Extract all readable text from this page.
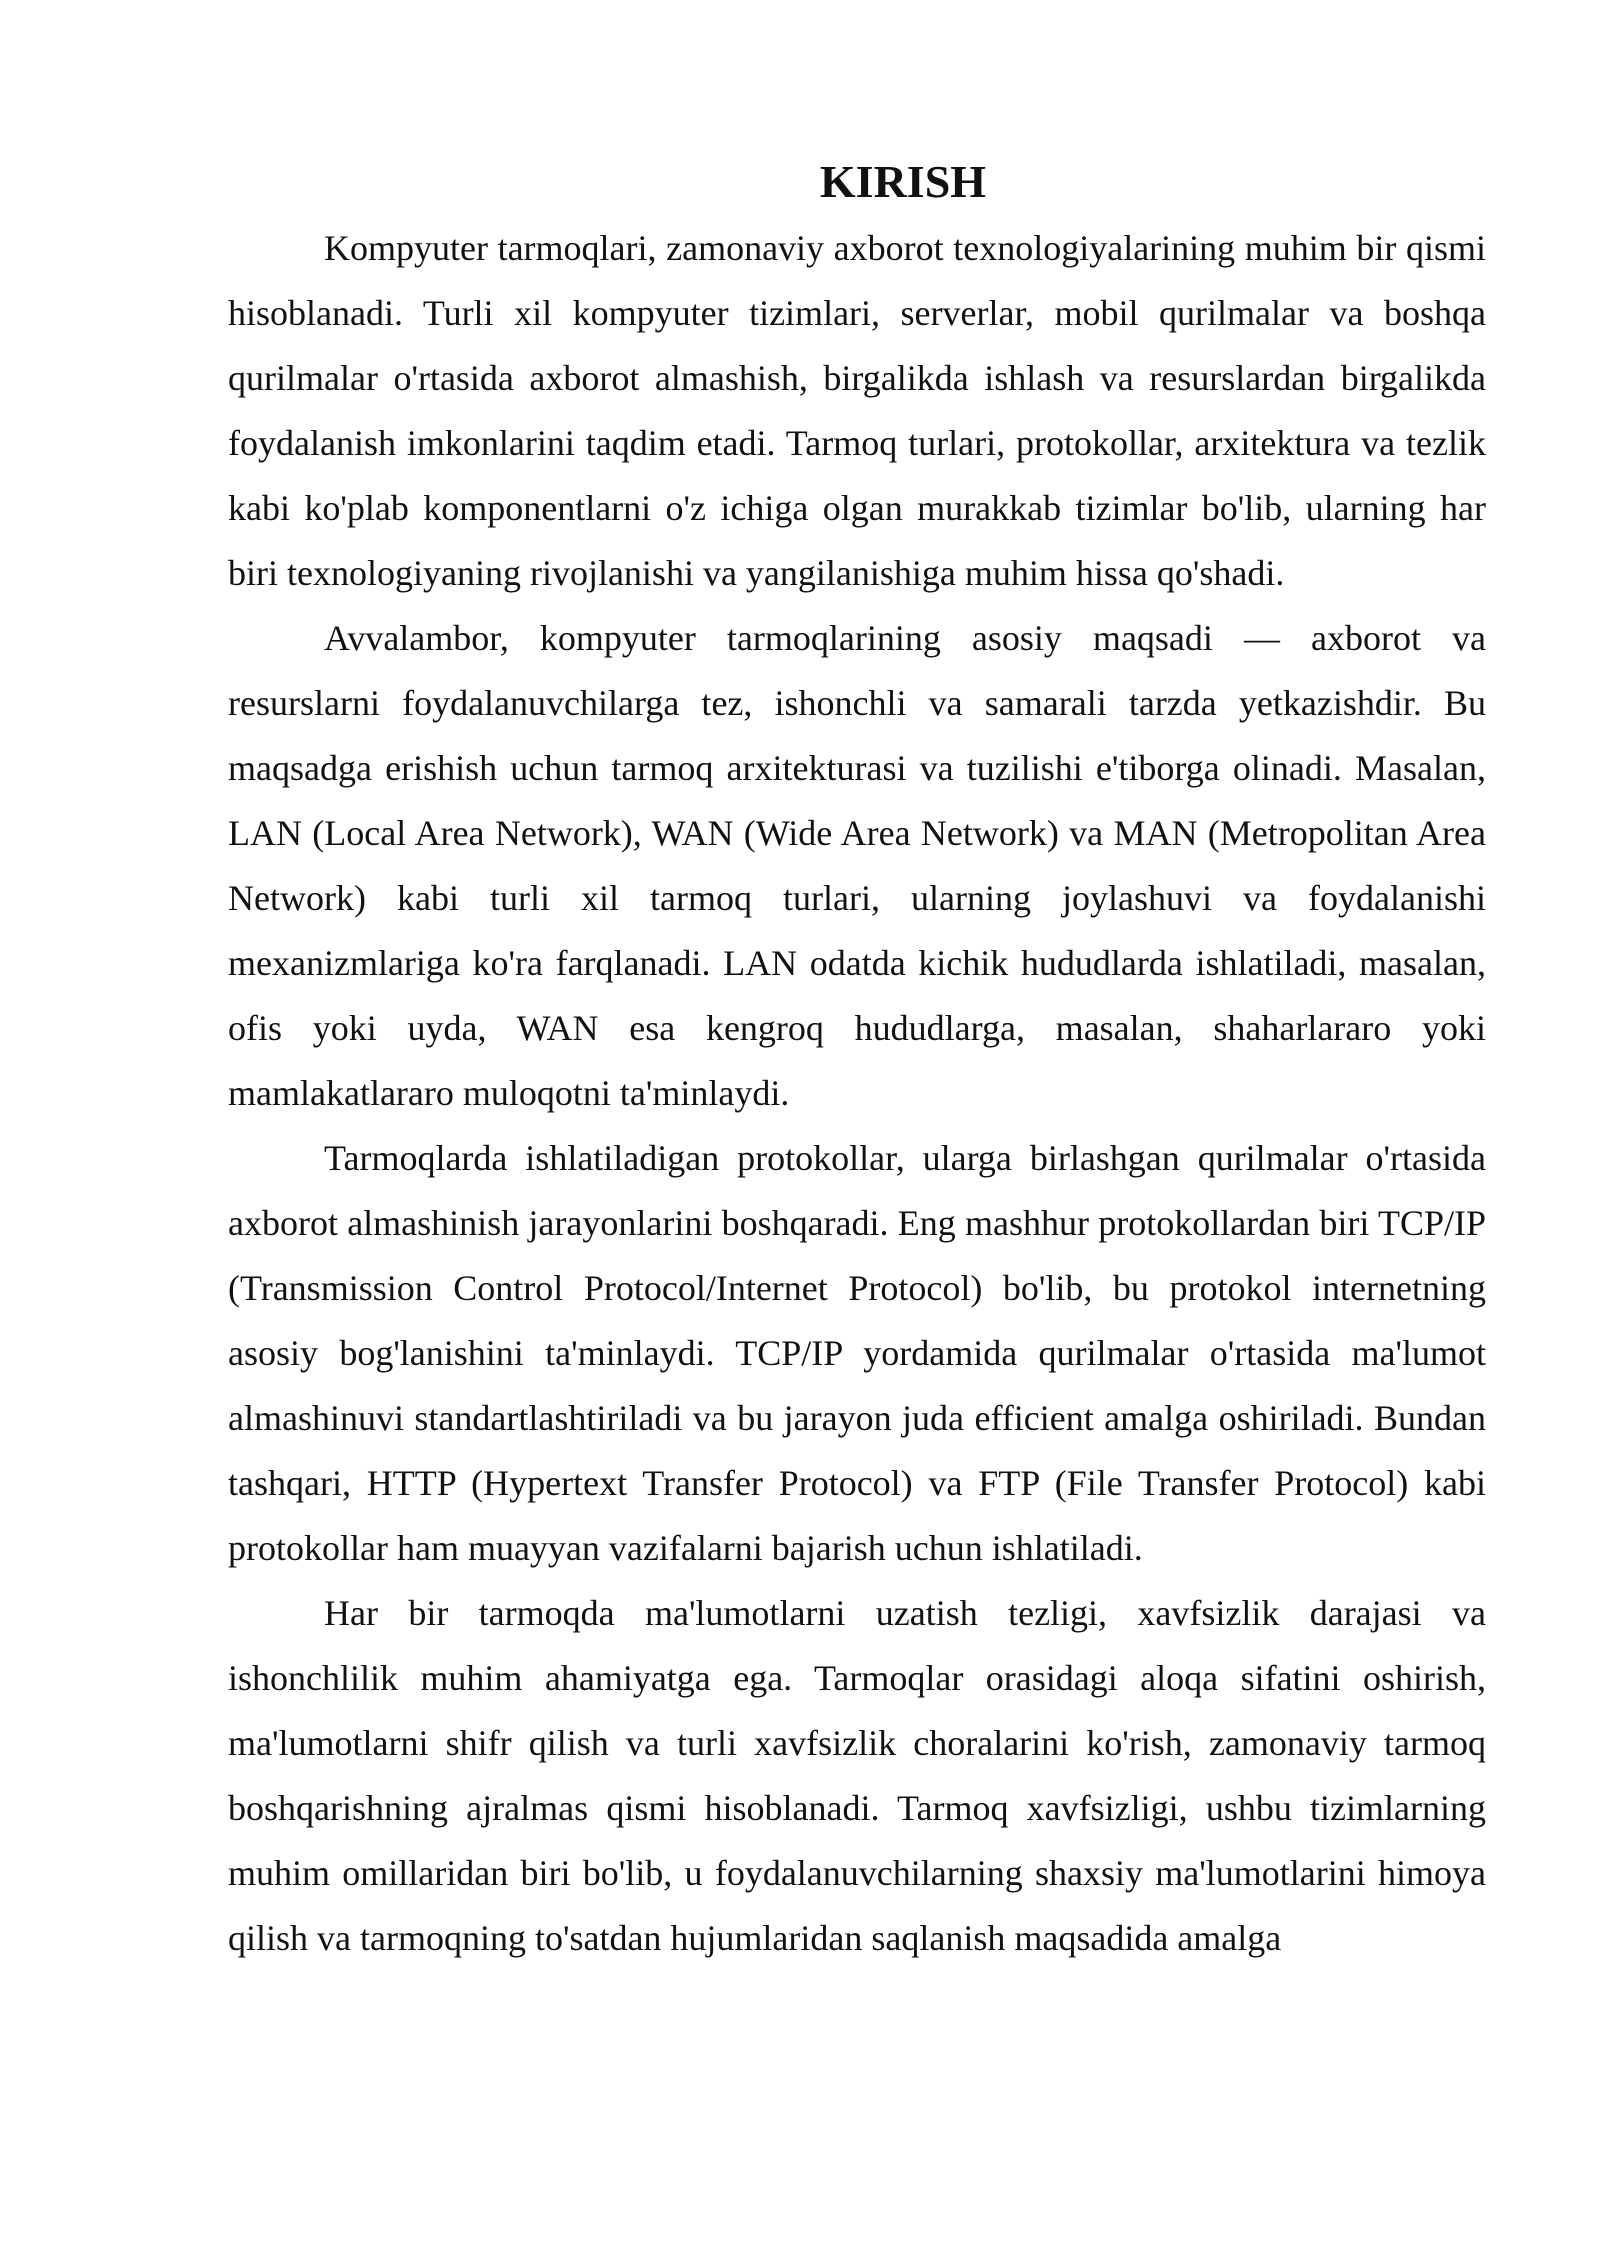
KIRISH

Kompyuter tarmoqlari, zamonaviy axborot texnologiyalarining muhim bir qismi hisoblanadi. Turli xil kompyuter tizimlari, serverlar, mobil qurilmalar va boshqa qurilmalar o'rtasida axborot almashish, birgalikda ishlash va resurslardan birgalikda foydalanish imkonlarini taqdim etadi. Tarmoq turlari, protokollar, arxitektura va tezlik kabi ko'plab komponentlarni o'z ichiga olgan murakkab tizimlar bo'lib, ularning har biri texnologiyaning rivojlanishi va yangilanishiga muhim hissa qo'shadi.

Avvalambor, kompyuter tarmoqlarining asosiy maqsadi — axborot va resurslarni foydalanuvchilarga tez, ishonchli va samarali tarzda yetkazishdir. Bu maqsadga erishish uchun tarmoq arxitekturasi va tuzilishi e'tiborga olinadi. Masalan, LAN (Local Area Network), WAN (Wide Area Network) va MAN (Metropolitan Area Network) kabi turli xil tarmoq turlari, ularning joylashuvi va foydalanishi mexanizmlariga ko'ra farqlanadi. LAN odatda kichik hududlarda ishlatiladi, masalan, ofis yoki uyda, WAN esa kengroq hududlarga, masalan, shaharlararo yoki mamlakatlararo muloqotni ta'minlaydi.

Tarmoqlarda ishlatiladigan protokollar, ularga birlashgan qurilmalar o'rtasida axborot almashinish jarayonlarini boshqaradi. Eng mashhur protokollardan biri TCP/IP (Transmission Control Protocol/Internet Protocol) bo'lib, bu protokol internetning asosiy bog'lanishini ta'minlaydi. TCP/IP yordamida qurilmalar o'rtasida ma'lumot almashinuvi standartlashtiriladi va bu jarayon juda efficient amalga oshiriladi. Bundan tashqari, HTTP (Hypertext Transfer Protocol) va FTP (File Transfer Protocol) kabi protokollar ham muayyan vazifalarni bajarish uchun ishlatiladi.

Har bir tarmoqda ma'lumotlarni uzatish tezligi, xavfsizlik darajasi va ishonchlilik muhim ahamiyatga ega. Tarmoqlar orasidagi aloqa sifatini oshirish, ma'lumotlarni shifr qilish va turli xavfsizlik choralarini ko'rish, zamonaviy tarmoq boshqarishning ajralmas qismi hisoblanadi. Tarmoq xavfsizligi, ushbu tizimlarning muhim omillaridan biri bo'lib, u foydalanuvchilarning shaxsiy ma'lumotlarini himoya qilish va tarmoqning to'satdan hujumlaridan saqlanish maqsadida amalga
